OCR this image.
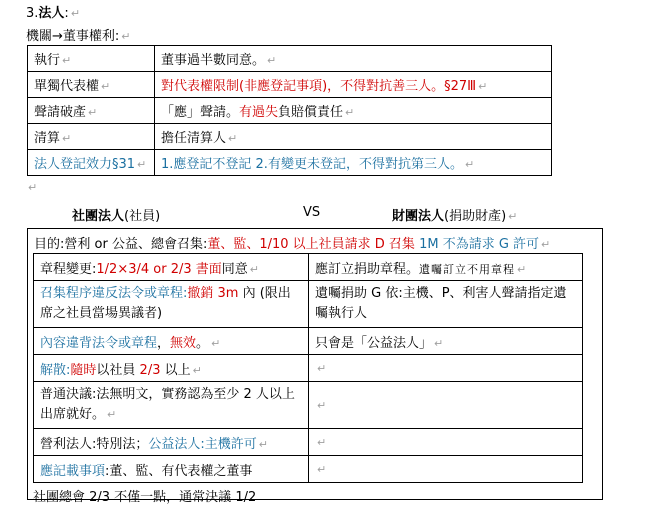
3.法人: ↵
機關→董事權利: ↵
執行 ↵	董事過半數同意。 ↵
單獨代表權 ↵	對代表權限制(非應登記事項)，不得對抗善三人。§27Ⅲ ↵
聲請破產 ↵	「應」聲請。有過失負賠償責任 ↵
清算 ↵	擔任清算人 ↵
法人登記效力§31 ↵	1.應登記不登記 2.有變更未登記，不得對抗第三人。 ↵
↵
社團法人(社員)	VS	財團法人(捐助財產) ↵
目的:營利 or 公益、總會召集:董、監、1/10 以上社員請求 D 召集 1M 不為請求 G 許可 ↵
章程變更:1/2×3/4 or 2/3 書面同意 ↵	應訂立捐助章程。遺囑訂立不用章程 ↵
召集程序違反法令或章程:撤銷 3m 內 (限出席之社員當場異議者)	遺囑捐助 G 依:主機、P、利害人聲請指定遺囑執行人
內容違背法令或章程，無效。 ↵	只會是「公益法人」 ↵
解散:隨時以社員 2/3 以上 ↵	↵
普通決議:法無明文，實務認為至少 2 人以上出席就好。 ↵	↵
營利法人:特別法；公益法人:主機許可 ↵	↵
應記載事項:董、監、有代表權之董事	↵
社團總會 2/3 不僅一點，通常決議 1/2
